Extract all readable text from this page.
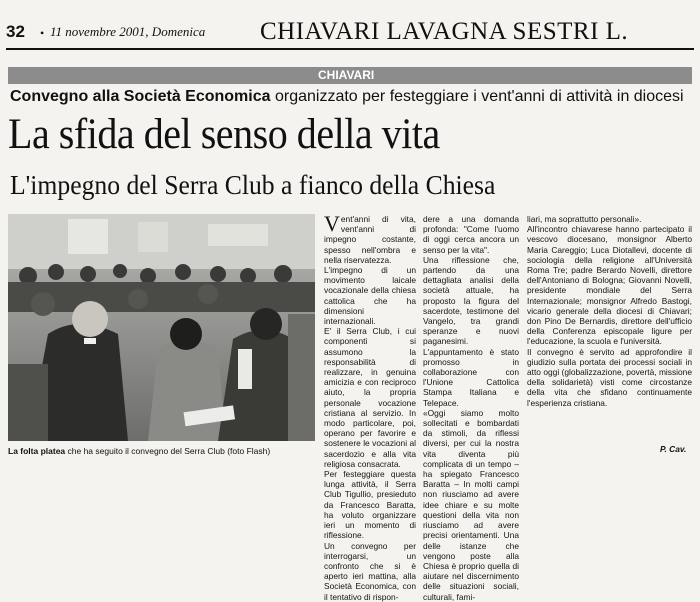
32 • 11 novembre 2001, Domenica CHIAVARI LAVAGNA SESTRI L.
CHIAVARI
Convegno alla Società Economica organizzato per festeggiare i vent'anni di attività in diocesi
La sfida del senso della vita
L'impegno del Serra Club a fianco della Chiesa
La folta platea che ha seguito il convegno del Serra Club (foto Flash)

Vent'anni di vita, vent'anni di impegno costante, spesso nell'ombra e nella riservatezza.

L'impegno di un movimento laicale vocazionale della chiesa cattolica che ha dimensioni internazionali.

E' il Serra Club, i cui componenti si assumono la responsabilità di realizzare, in genuina amicizia e con reciproco aiuto, la propria personale vocazione cristiana al servizio. In modo particolare, poi, operano per favorire e sostenere le vocazioni al sacerdozio e alla vita religiosa consacrata.

Per festeggiare questa lunga attività, il Serra Club Tigullio, presieduto da Francesco Baratta, ha voluto organizzare ieri un momento di riflessione.

Un convegno per interrogarsi, un confronto che si è aperto ieri mattina, alla Società Economica, con il tentativo di rispon-

dere a una domanda profonda: "Come l'uomo di oggi cerca ancora un senso per la vita".

Una riflessione che, partendo da una dettagliata analisi della società attuale, ha proposto la figura del sacerdote, testimone del Vangelo, tra grandi speranze e nuovi paganesimi.

L'appuntamento è stato promosso in collaborazione con l'Unione Cattolica Stampa Italiana e Telepace.

«Oggi siamo molto sollecitati e bombardati da stimoli, da riflessi diversi, per cui la nostra vita diventa più complicata di un tempo – ha spiegato Francesco Baratta – In molti campi non riusciamo ad avere idee chiare e su molte questioni della vita non riusciamo ad avere precisi orientamenti. Una delle istanze che vengono poste alla Chiesa è proprio quella di aiutare nel discernimento delle situazioni sociali, culturali, fami-

liari, ma soprattutto personali».

All'incontro chiavarese hanno partecipato il vescovo diocesano, monsignor Alberto Maria Careggio; Luca Diotallevi, docente di sociologia della religione all'Università Roma Tre; padre Berardo Novelli, direttore dell'Antoniano di Bologna; Giovanni Novelli, presidente mondiale del Serra Internazionale; monsignor Alfredo Bastogi, vicario generale della diocesi di Chiavari; don Pino De Bernardis, direttore dell'ufficio della Conferenza episcopale ligure per l'educazione, la scuola e l'università.

Il convegno è servito ad approfondire il giudizio sulla portata dei processi sociali in atto oggi (globalizzazione, povertà, missione della solidarietà) visti come circostanze della vita che sfidano continuamente l'esperienza cristiana.

P. Cav.
